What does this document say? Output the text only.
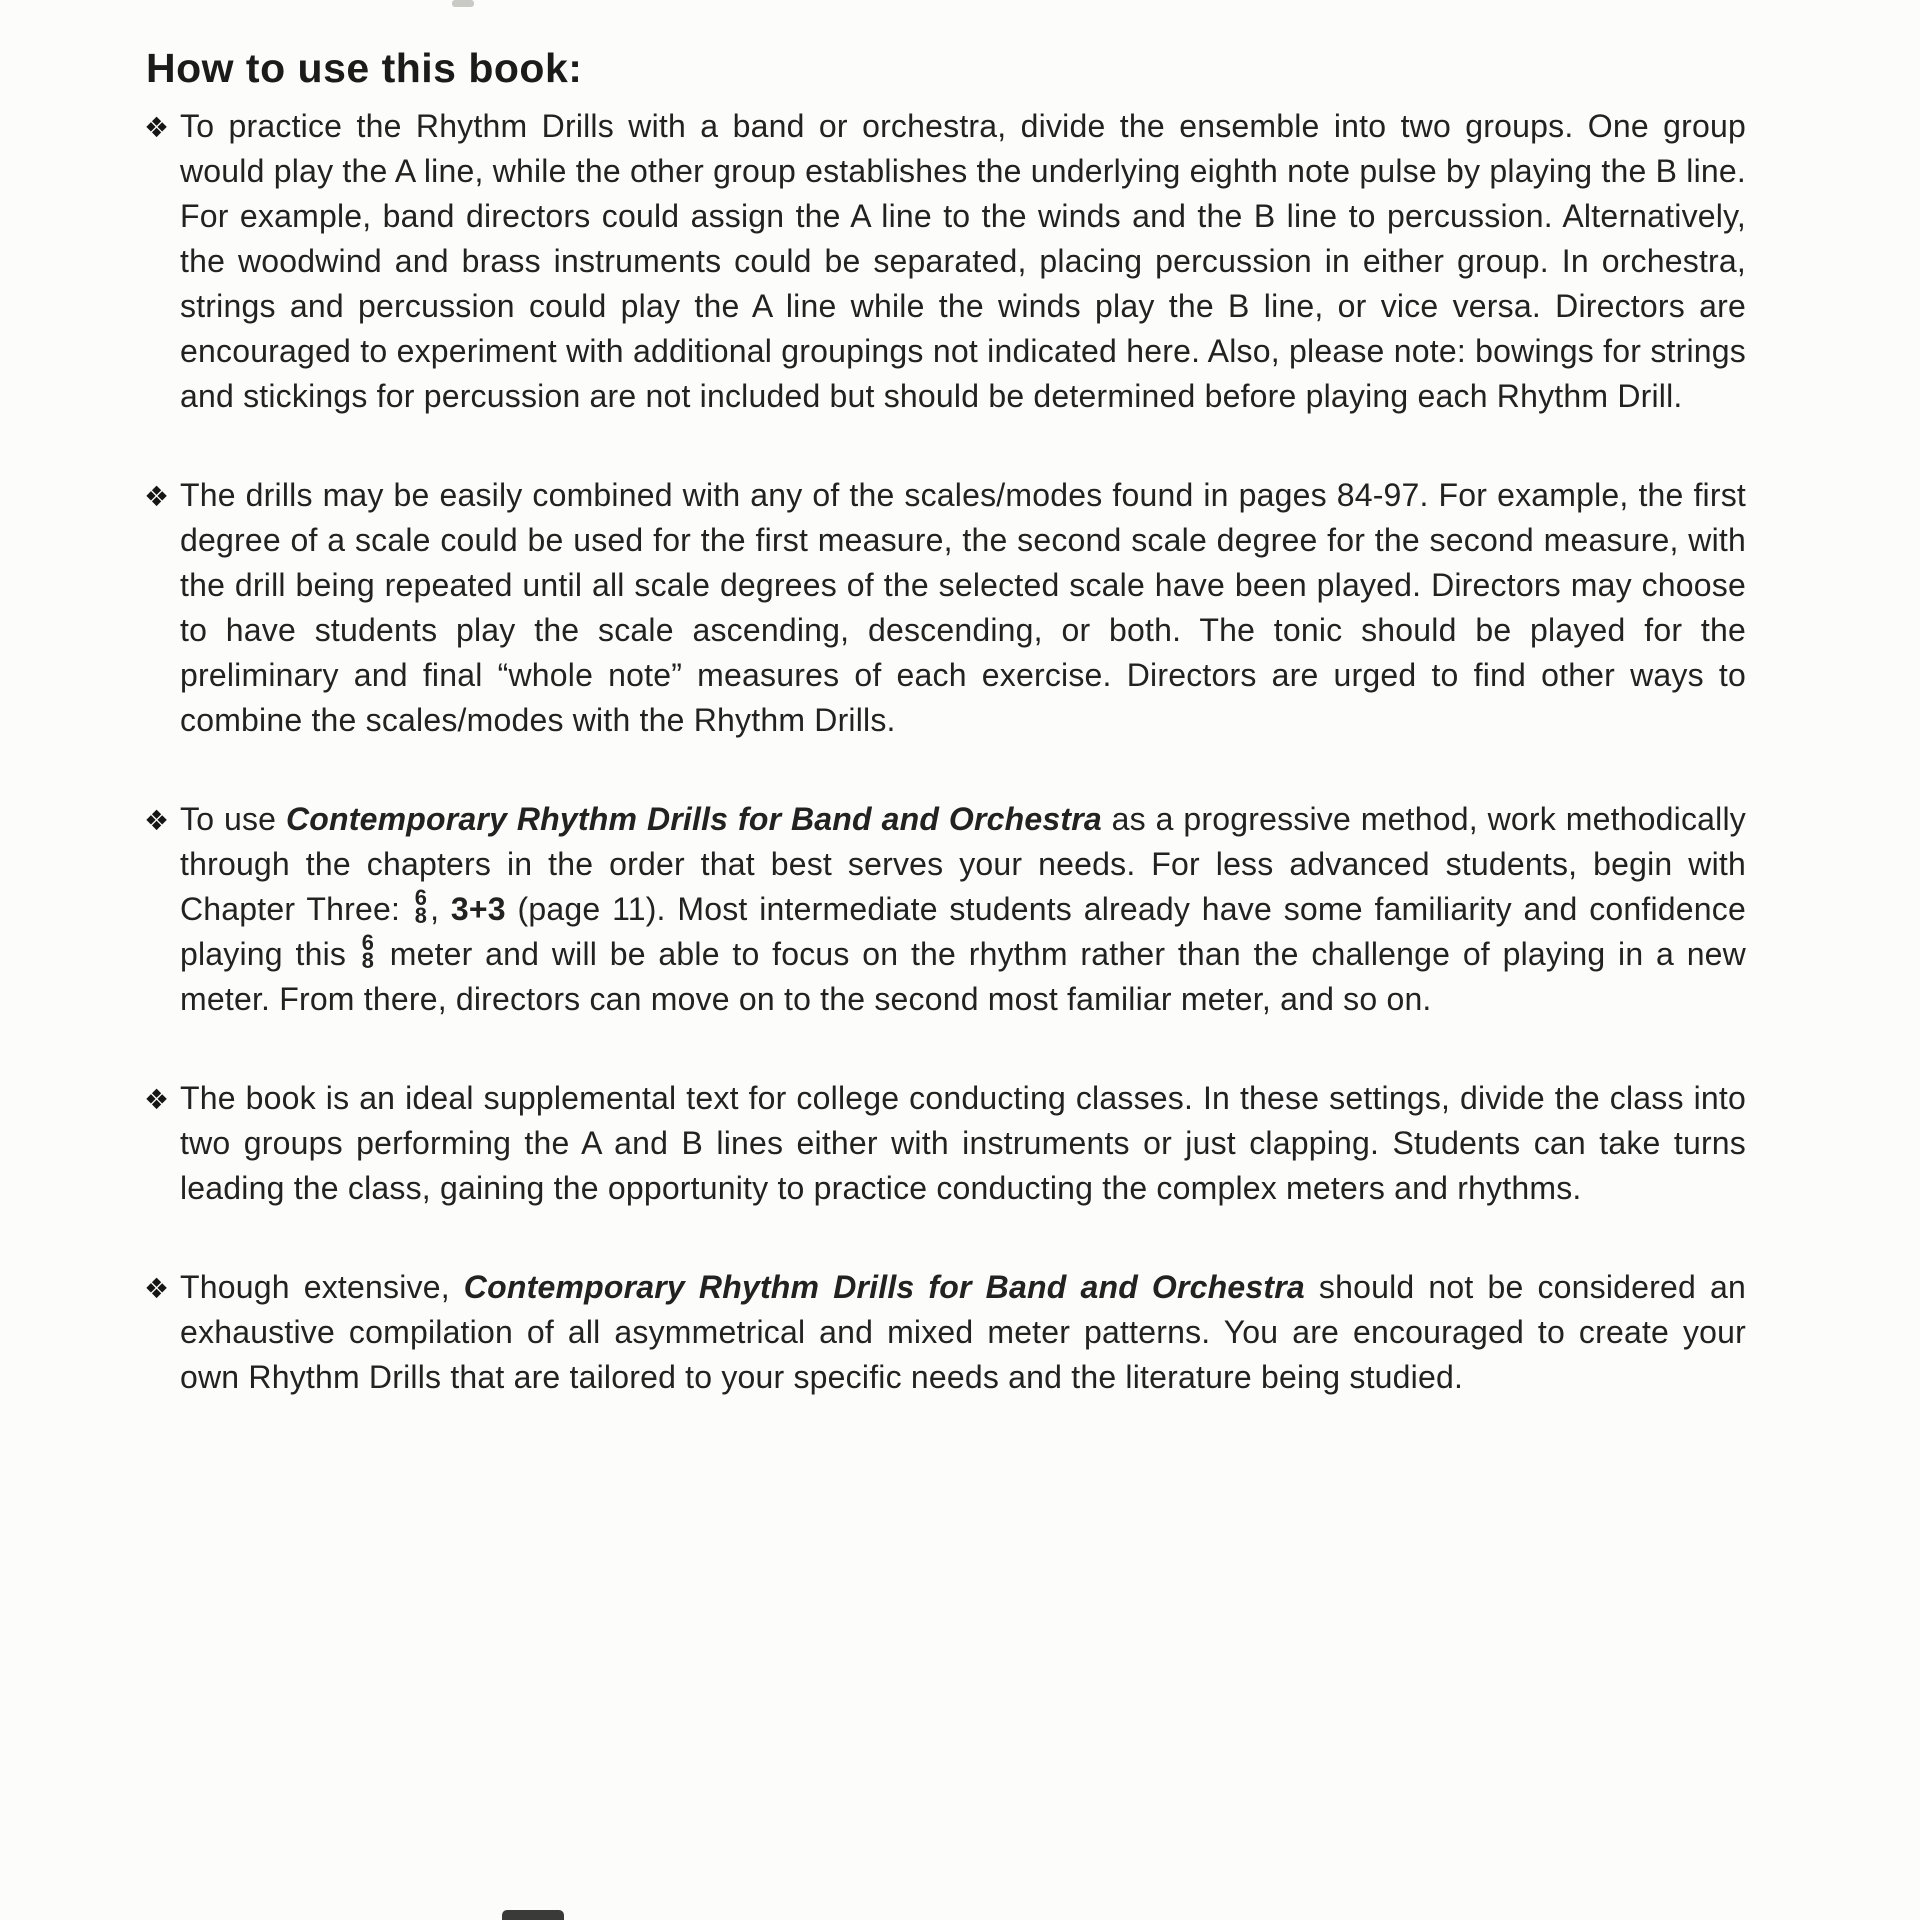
How to use this book:
❖ To practice the Rhythm Drills with a band or orchestra, divide the ensemble into two groups. One group would play the A line, while the other group establishes the underlying eighth note pulse by playing the B line. For example, band directors could assign the A line to the winds and the B line to percussion. Alternatively, the woodwind and brass instruments could be separated, placing percussion in either group. In orchestra, strings and percussion could play the A line while the winds play the B line, or vice versa. Directors are encouraged to experiment with additional groupings not indicated here. Also, please note: bowings for strings and stickings for percussion are not included but should be determined before playing each Rhythm Drill.
❖ The drills may be easily combined with any of the scales/modes found in pages 84-97. For example, the first degree of a scale could be used for the first measure, the second scale degree for the second measure, with the drill being repeated until all scale degrees of the selected scale have been played. Directors may choose to have students play the scale ascending, descending, or both. The tonic should be played for the preliminary and final “whole note” measures of each exercise. Directors are urged to find other ways to combine the scales/modes with the Rhythm Drills.
❖ To use Contemporary Rhythm Drills for Band and Orchestra as a progressive method, work methodically through the chapters in the order that best serves your needs. For less advanced students, begin with Chapter Three: 6
8 , 3+3 (page 11). Most intermediate students already have some familiarity and confidence playing this 6
8 meter and will be able to focus on the rhythm rather than the challenge of playing in a new meter. From there, directors can move on to the second most familiar meter, and so on.
❖ The book is an ideal supplemental text for college conducting classes. In these settings, divide the class into two groups performing the A and B lines either with instruments or just clapping. Students can take turns leading the class, gaining the opportunity to practice conducting the complex meters and rhythms.
❖ Though extensive, Contemporary Rhythm Drills for Band and Orchestra should not be considered an exhaustive compilation of all asymmetrical and mixed meter patterns. You are encouraged to create your own Rhythm Drills that are tailored to your specific needs and the literature being studied.
